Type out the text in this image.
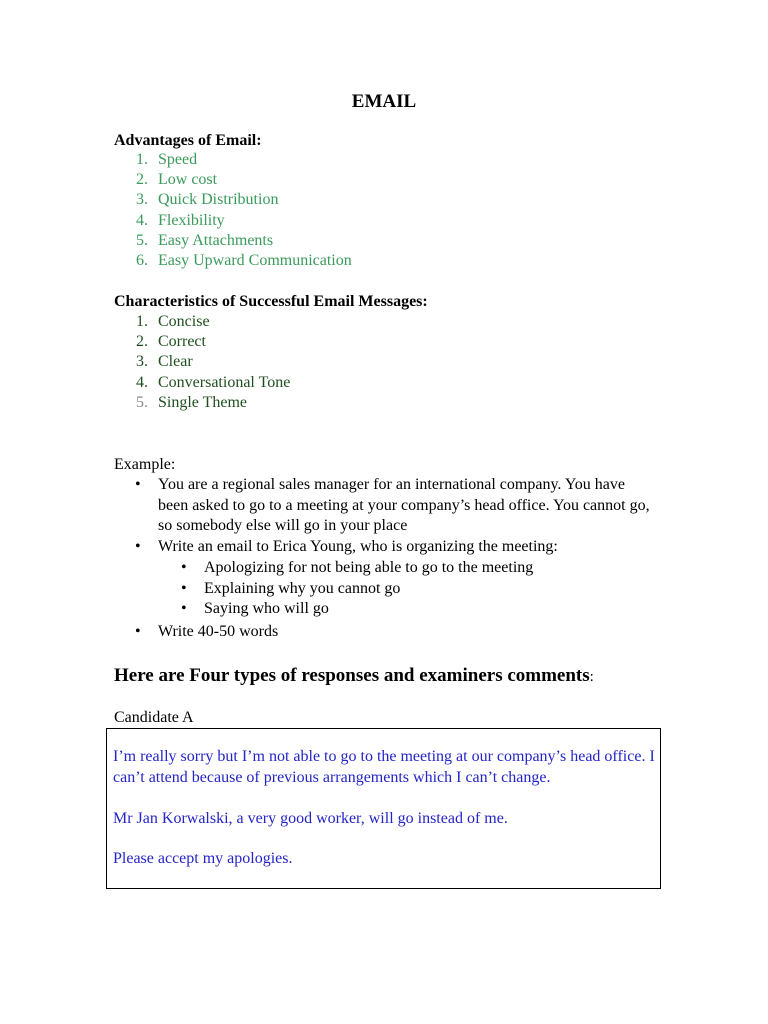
EMAIL
Advantages of Email:
1. Speed
2. Low cost
3. Quick Distribution
4. Flexibility
5. Easy Attachments
6. Easy Upward Communication
Characteristics of Successful Email Messages:
1. Concise
2. Correct
3. Clear
4. Conversational Tone
5. Single Theme
Example:
• You are a regional sales manager for an international company. You have been asked to go to a meeting at your company’s head office. You cannot go, so somebody else will go in your place
• Write an email to Erica Young, who is organizing the meeting:
• Apologizing for not being able to go to the meeting
• Explaining why you cannot go
• Saying who will go
• Write 40-50 words
Here are Four types of responses and examiners comments:
Candidate A
I’m really sorry but I’m not able to go to the meeting at our company’s head office. I can’t attend because of previous arrangements which I can’t change.
Mr Jan Korwalski, a very good worker, will go instead of me.
Please accept my apologies.
